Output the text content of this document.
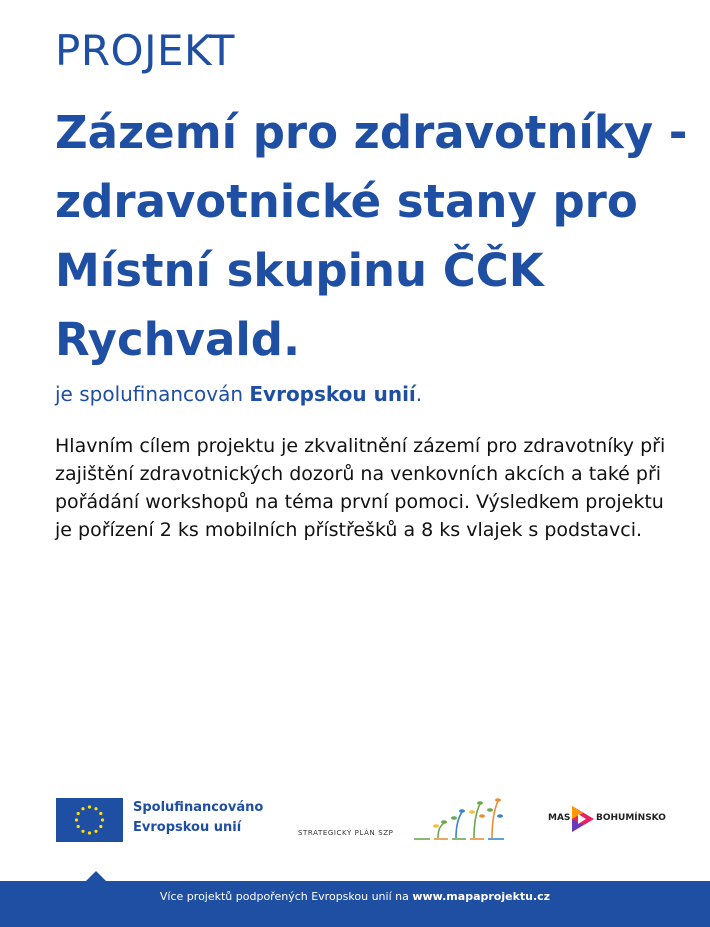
PROJEKT
Zázemí pro zdravotníky - zdravotnické stany pro Místní skupinu ČČK Rychvald.
je spolufinancován Evropskou unií.

Hlavním cílem projektu je zkvalitnění zázemí pro zdravotníky při zajištění zdravotnických dozorů na venkovních akcích a také při pořádání workshopů na téma první pomoci. Výsledkem projektu je pořízení 2 ks mobilních přístřešků a 8 ks vlajek s podstavci.

Spolufinancováno
Evropskou unií	STRATEGICKÝ PLÁN SZP
MAS	BOHUMÍNSKO
Více projektů podpořených Evropskou unií na www.mapaprojektu.cz
